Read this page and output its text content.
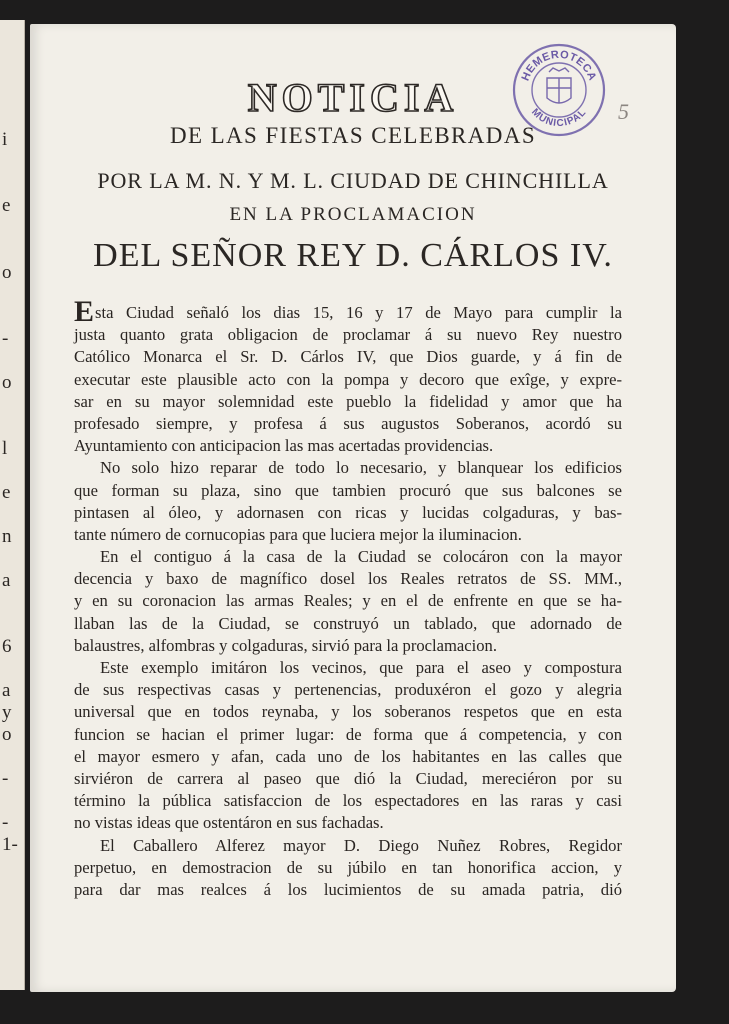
i
e
o
-
o
l
e
n
a
6
a
y
o
-
-
1-
HEMEROTECA
MUNICIPAL 5
NOTICIA
DE LAS FIESTAS CELEBRADAS
POR LA M. N. Y M. L. CIUDAD DE CHINCHILLA
EN LA PROCLAMACION
DEL SEÑOR REY D. CÁRLOS IV.
Esta Ciudad señaló los dias 15, 16 y 17 de Mayo para cumplir la
justa quanto grata obligacion de proclamar á su nuevo Rey nuestro
Católico Monarca el Sr. D. Cárlos IV, que Dios guarde, y á fin de
executar este plausible acto con la pompa y decoro que exîge, y expre-
sar en su mayor solemnidad este pueblo la fidelidad y amor que ha
profesado siempre, y profesa á sus augustos Soberanos, acordó su
Ayuntamiento con anticipacion las mas acertadas providencias.
No solo hizo reparar de todo lo necesario, y blanquear los edificios
que forman su plaza, sino que tambien procuró que sus balcones se
pintasen al óleo, y adornasen con ricas y lucidas colgaduras, y bas-
tante número de cornucopias para que luciera mejor la iluminacion.
En el contiguo á la casa de la Ciudad se colocáron con la mayor
decencia y baxo de magnífico dosel los Reales retratos de SS. MM.,
y en su coronacion las armas Reales; y en el de enfrente en que se ha-
llaban las de la Ciudad, se construyó un tablado, que adornado de
balaustres, alfombras y colgaduras, sirvió para la proclamacion.
Este exemplo imitáron los vecinos, que para el aseo y compostura
de sus respectivas casas y pertenencias, produxéron el gozo y alegria
universal que en todos reynaba, y los soberanos respetos que en esta
funcion se hacian el primer lugar: de forma que á competencia, y con
el mayor esmero y afan, cada uno de los habitantes en las calles que
sirviéron de carrera al paseo que dió la Ciudad, mereciéron por su
término la pública satisfaccion de los espectadores en las raras y casi
no vistas ideas que ostentáron en sus fachadas.
El Caballero Alferez mayor D. Diego Nuñez Robres, Regidor
perpetuo, en demostracion de su júbilo en tan honorifica accion, y
para dar mas realces á los lucimientos de su amada patria, dió
